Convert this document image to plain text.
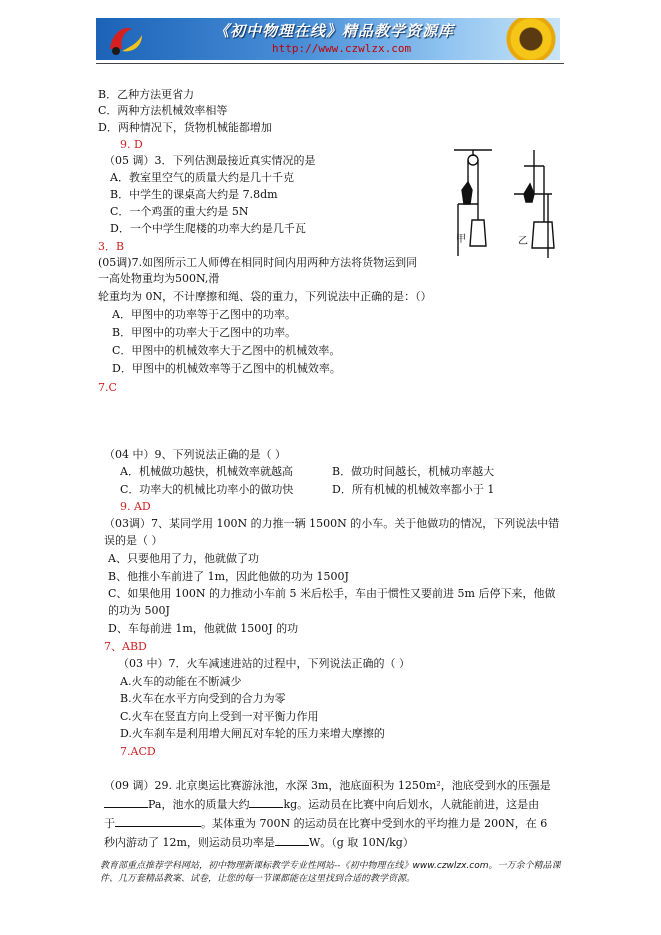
《初中物理在线》精品教学资源库
http://www.czwlzx.com
B．乙种方法更省力
C．两种方法机械效率相等
D．两种情况下，货物机械能都增加
9. D
（05 调）3．下列估测最接近真实情况的是
A．教室里空气的质量大约是几十千克
B．中学生的课桌高大约是 7.8dm
C．一个鸡蛋的重大约是 5N
D．一个中学生爬楼的功率大约是几千瓦
3．B
(05调)7.如图所示工人师傅在相同时间内用两种方法将货物运到同
一高处物重均为500N,滑
轮重均为 0N，不计摩擦和绳、袋的重力，下列说法中正确的是：（）
A．甲图中的功率等于乙图中的功率。
B．甲图中的功率大于乙图中的功率。
C．甲图中的机械效率大于乙图中的机械效率。
D．甲图中的机械效率等于乙图中的机械效率。
7.C
甲	乙
（04 中）9、下列说法正确的是（ ）
A．机械做功越快，机械效率就越高	B．做功时间越长，机械功率越大
C．功率大的机械比功率小的做功快	D．所有机械的机械效率都小于 1
9. AD
（03调）7、某同学用 100N 的力推一辆 1500N 的小车。关于他做功的情况，下列说法中错
误的是（ ）
A、只要他用了力，他就做了功
B、他推小车前进了 1m，因此他做的功为 1500J
C、如果他用 100N 的力推动小车前 5 米后松手，车由于惯性又要前进 5m 后停下来，他做
的功为 500J
D、车每前进 1m，他就做 1500J 的功
7、ABD
（03 中）7．火车减速进站的过程中，下列说法正确的（ ）
A.火车的动能在不断减少
B.火车在水平方向受到的合力为零
C.火车在竖直方向上受到一对平衡力作用
D.火车刹车是利用增大闸瓦对车轮的压力来增大摩擦的
7.ACD
（09 调）29. 北京奥运比赛游泳池，水深 3m，池底面积为 1250m²，池底受到水的压强是
Pa，池水的质量大约	kg。运动员在比赛中向后划水，人就能前进，这是由
于	。某体重为 700N 的运动员在比赛中受到水的平均推力是 200N，在 6
秒内游动了 12m，则运动员功率是	W。（g 取 10N/kg）
教育部重点推荐学科网站，初中物理新课标教学专业性网站--《初中物理在线》www.czwlzx.com。一万余个精品课件、几万套精品教案、试卷，让您的每一节课都能在这里找到合适的教学资源。
